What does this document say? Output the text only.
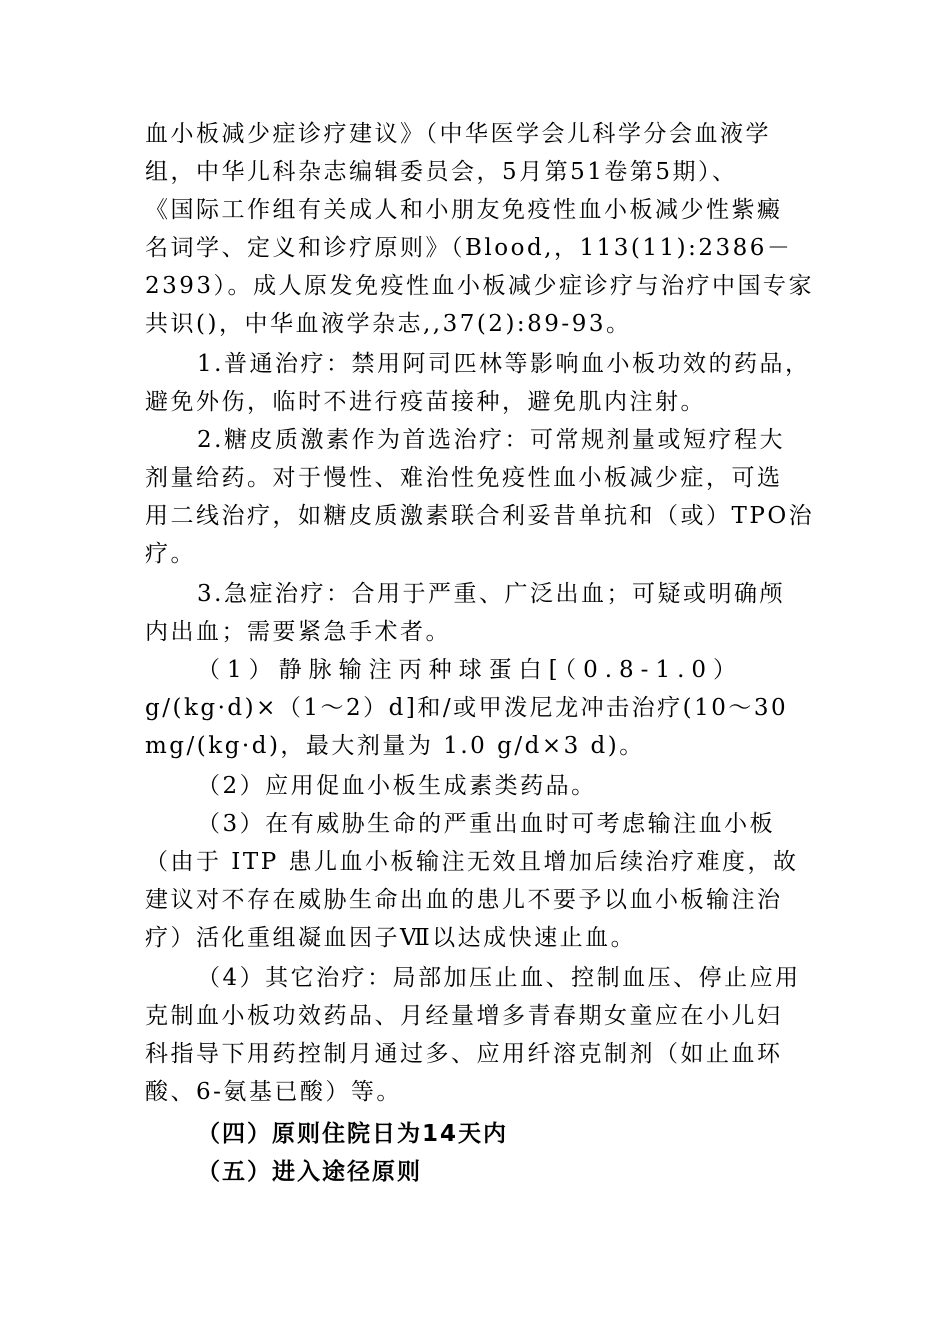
血小板减少症诊疗建议》（中华医学会儿科学分会血液学
组，中华儿科杂志编辑委员会，5月第51卷第5期）、
《国际工作组有关成人和小朋友免疫性血小板减少性紫癜
名词学、定义和诊疗原则》（Blood,，113(11):2386－
2393）。成人原发免疫性血小板减少症诊疗与治疗中国专家
共识()，中华血液学杂志,,37(2):89-93。
1.普通治疗：禁用阿司匹林等影响血小板功效的药品，
避免外伤，临时不进行疫苗接种，避免肌内注射。
2.糖皮质激素作为首选治疗：可常规剂量或短疗程大
剂量给药。对于慢性、难治性免疫性血小板减少症，可选
用二线治疗，如糖皮质激素联合利妥昔单抗和（或）TPO治
疗。
3.急症治疗：合用于严重、广泛出血；可疑或明确颅
内出血；需要紧急手术者。
（1）静脉输注丙种球蛋白[（0.8-1.0）
g/(kg·d)×（1～2）d]和/或甲泼尼龙冲击治疗(10～30
mg/(kg·d)，最大剂量为 1.0 g/d×3 d)。
（2）应用促血小板生成素类药品。
（3）在有威胁生命的严重出血时可考虑输注血小板
（由于 ITP 患儿血小板输注无效且增加后续治疗难度，故
建议对不存在威胁生命出血的患儿不要予以血小板输注治
疗）活化重组凝血因子Ⅶ以达成快速止血。
（4）其它治疗：局部加压止血、控制血压、停止应用
克制血小板功效药品、月经量增多青春期女童应在小儿妇
科指导下用药控制月通过多、应用纤溶克制剂（如止血环
酸、6-氨基已酸）等。
（四）原则住院日为14天内
（五）进入途径原则
